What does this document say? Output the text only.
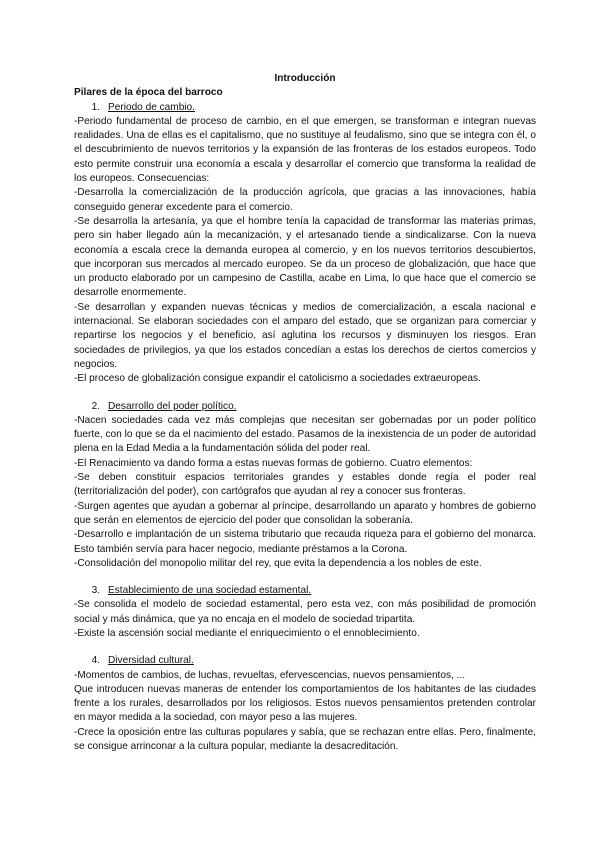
Introducción

Pilares de la época del barroco

1. Periodo de cambio.

-Periodo fundamental de proceso de cambio, en el que emergen, se transforman e integran nuevas realidades. Una de ellas es el capitalismo, que no sustituye al feudalismo, sino que se integra con él, o el descubrimiento de nuevos territorios y la expansión de las fronteras de los estados europeos. Todo esto permite construir una economía a escala y desarrollar el comercio que transforma la realidad de los europeos. Consecuencias:

-Desarrolla la comercialización de la producción agrícola, que gracias a las innovaciones, había conseguido generar excedente para el comercio.

-Se desarrolla la artesanía, ya que el hombre tenía la capacidad de transformar las materias primas, pero sin haber llegado aún la mecanización, y el artesanado tiende a sindicalizarse. Con la nueva economía a escala crece la demanda europea al comercio, y en los nuevos territorios descubiertos, que incorporan sus mercados al mercado europeo. Se da un proceso de globalización, que hace que un producto elaborado por un campesino de Castilla, acabe en Lima, lo que hace que el comercio se desarrolle enormemente.

-Se desarrollan y expanden nuevas técnicas y medios de comercialización, a escala nacional e internacional. Se elaboran sociedades con el amparo del estado, que se organizan para comerciar y repartirse los negocios y el beneficio, así aglutina los recursos y disminuyen los riesgos. Eran sociedades de privilegios, ya que los estados concedían a estas los derechos de ciertos comercios y negocios.

-El proceso de globalización consigue expandir el catolicismo a sociedades extraeuropeas.

2. Desarrollo del poder político.

-Nacen sociedades cada vez más complejas que necesitan ser gobernadas por un poder político fuerte, con lo que se da el nacimiento del estado. Pasamos de la inexistencia de un poder de autoridad plena en la Edad Media a la fundamentación sólida del poder real.

-El Renacimiento va dando forma a estas nuevas formas de gobierno. Cuatro elementos:

-Se deben constituir espacios territoriales grandes y estables donde regía el poder real (territorialización del poder), con cartógrafos que ayudan al rey a conocer sus fronteras.

-Surgen agentes que ayudan a gobernar al príncipe, desarrollando un aparato y hombres de gobierno que serán en elementos de ejercicio del poder que consolidan la soberanía.

-Desarrollo e implantación de un sistema tributario que recauda riqueza para el gobierno del monarca. Esto también servía para hacer negocio, mediante préstamos a la Corona.

-Consolidación del monopolio militar del rey, que evita la dependencia a los nobles de este.

3. Establecimiento de una sociedad estamental.

-Se consolida el modelo de sociedad estamental, pero esta vez, con más posibilidad de promoción social y más dinámica, que ya no encaja en el modelo de sociedad tripartita.

-Existe la ascensión social mediante el enriquecimiento o el ennoblecimiento.

4. Diversidad cultural.

-Momentos de cambios, de luchas, revueltas, efervescencias, nuevos pensamientos, ...

Que introducen nuevas maneras de entender los comportamientos de los habitantes de las ciudades frente a los rurales, desarrollados por los religiosos. Estos nuevos pensamientos pretenden controlar en mayor medida a la sociedad, con mayor peso a las mujeres.

-Crece la oposición entre las culturas populares y sabía, que se rechazan entre ellas. Pero, finalmente, se consigue arrinconar a la cultura popular, mediante la desacreditación.
